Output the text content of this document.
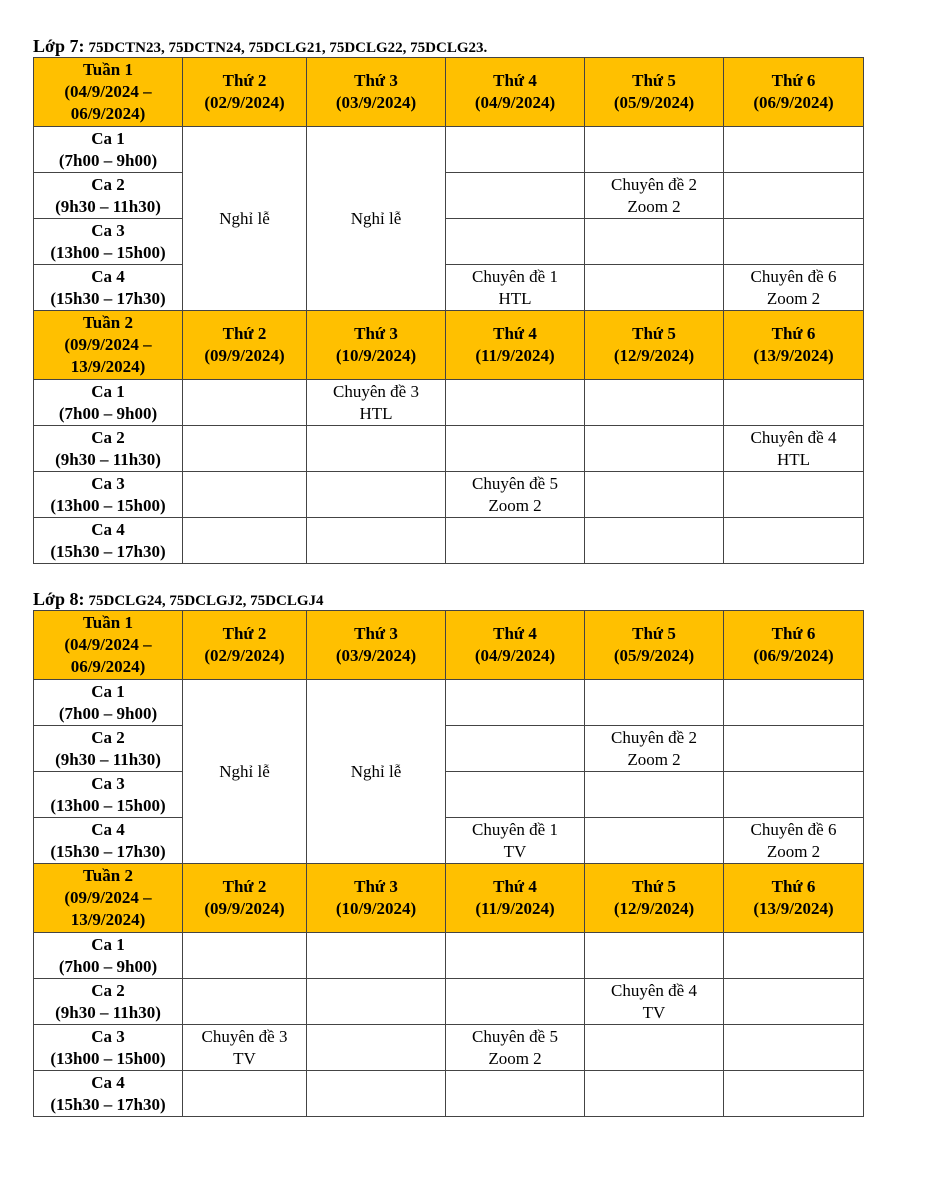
Lớp 7: 75DCTN23, 75DCTN24, 75DCLG21, 75DCLG22, 75DCLG23.
Tuần 1
(04/9/2024 –
06/9/2024)	Thứ 2
(02/9/2024)	Thứ 3
(03/9/2024)	Thứ 4
(04/9/2024)	Thứ 5
(05/9/2024)	Thứ 6
(06/9/2024)

Ca 1
(7h00 – 9h00)	Nghỉ lễ	Nghỉ lễ			

Ca 2
(9h30 – 11h30)				Chuyên đề 2
Zoom 2	

Ca 3
(13h00 – 15h00)					

Ca 4
(15h30 – 17h30)			Chuyên đề 1
HTL		Chuyên đề 6
Zoom 2

Tuần 2
(09/9/2024 –
13/9/2024)	Thứ 2
(09/9/2024)	Thứ 3
(10/9/2024)	Thứ 4
(11/9/2024)	Thứ 5
(12/9/2024)	Thứ 6
(13/9/2024)

Ca 1
(7h00 – 9h00)		Chuyên đề 3
HTL			

Ca 2
(9h30 – 11h30)					Chuyên đề 4
HTL

Ca 3
(13h00 – 15h00)			Chuyên đề 5
Zoom 2		

Ca 4
(15h30 – 17h30)					

Lớp 8: 75DCLG24, 75DCLGJ2, 75DCLGJ4
Tuần 1
(04/9/2024 –
06/9/2024)	Thứ 2
(02/9/2024)	Thứ 3
(03/9/2024)	Thứ 4
(04/9/2024)	Thứ 5
(05/9/2024)	Thứ 6
(06/9/2024)

Ca 1
(7h00 – 9h00)	Nghỉ lễ	Nghỉ lễ			

Ca 2
(9h30 – 11h30)				Chuyên đề 2
Zoom 2	

Ca 3
(13h00 – 15h00)					

Ca 4
(15h30 – 17h30)			Chuyên đề 1
TV		Chuyên đề 6
Zoom 2

Tuần 2
(09/9/2024 –
13/9/2024)	Thứ 2
(09/9/2024)	Thứ 3
(10/9/2024)	Thứ 4
(11/9/2024)	Thứ 5
(12/9/2024)	Thứ 6
(13/9/2024)

Ca 1
(7h00 – 9h00)					

Ca 2
(9h30 – 11h30)				Chuyên đề 4
TV	

Ca 3
(13h00 – 15h00)	Chuyên đề 3
TV		Chuyên đề 5
Zoom 2		

Ca 4
(15h30 – 17h30)					
